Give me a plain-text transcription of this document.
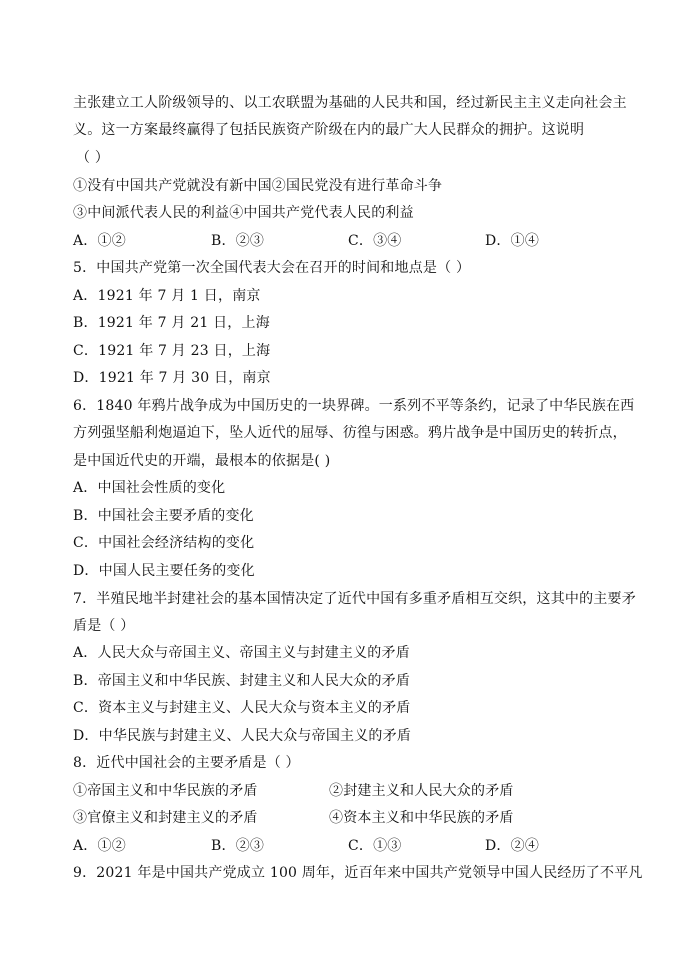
主张建立工人阶级领导的、以工农联盟为基础的人民共和国，经过新民主主义走向社会主
义。这一方案最终赢得了包括民族资产阶级在内的最广大人民群众的拥护。这说明
（ ）
①没有中国共产党就没有新中国②国民党没有进行革命斗争
③中间派代表人民的利益④中国共产党代表人民的利益
A．①②	B．②③	C．③④	D．①④
5．中国共产党第一次全国代表大会在召开的时间和地点是（ ）
A．1921 年 7 月 1 日，南京
B．1921 年 7 月 21 日，上海
C．1921 年 7 月 23 日，上海
D．1921 年 7 月 30 日，南京
6．1840 年鸦片战争成为中国历史的一块界碑。一系列不平等条约，记录了中华民族在西
方列强坚船利炮逼迫下，坠人近代的屈辱、彷徨与困惑。鸦片战争是中国历史的转折点，
是中国近代史的开端，最根本的依据是( )
A．中国社会性质的变化
B．中国社会主要矛盾的变化
C．中国社会经济结构的变化
D．中国人民主要任务的变化
7．半殖民地半封建社会的基本国情决定了近代中国有多重矛盾相互交织，这其中的主要矛
盾是（ ）
A．人民大众与帝国主义、帝国主义与封建主义的矛盾
B．帝国主义和中华民族、封建主义和人民大众的矛盾
C．资本主义与封建主义、人民大众与资本主义的矛盾
D．中华民族与封建主义、人民大众与帝国主义的矛盾
8．近代中国社会的主要矛盾是（ ）
①帝国主义和中华民族的矛盾	②封建主义和人民大众的矛盾
③官僚主义和封建主义的矛盾	④资本主义和中华民族的矛盾
A．①②	B．②③	C．①③	D．②④
9．2021 年是中国共产党成立 100 周年，近百年来中国共产党领导中国人民经历了不平凡
